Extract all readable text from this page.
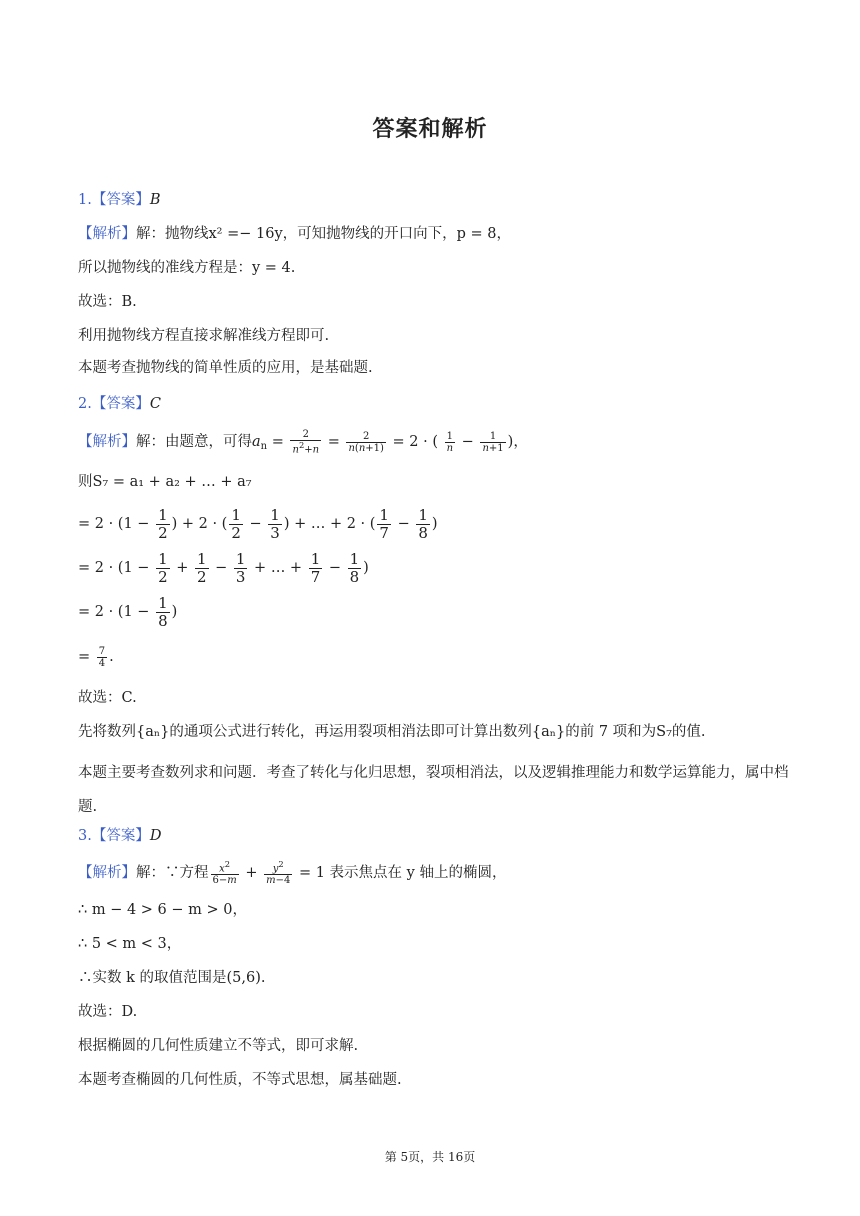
答案和解析
1.【答案】B
【解析】解：抛物线x² =− 16y，可知抛物线的开口向下，p = 8，
所以抛物线的准线方程是：y = 4.
故选：B.
利用抛物线方程直接求解准线方程即可.
本题考查抛物线的简单性质的应用，是基础题.
2.【答案】C
【解析】解：由题意，可得$a_n = \frac{2}{n^2+n} = \frac{2}{n(n+1)} = 2$ · ( $\frac{1}{n} - \frac{1}{n+1}$ )，
则S₇ = a₁ + a₂ + … + a₇
= $2 \cdot (1 - \frac{1}{2}$ ) + 2 · ( $\frac{1}{2} - \frac{1}{3}$ ) + … + 2 · ( $\frac{1}{7} - \frac{1}{8}$ )
= $2 \cdot (1 - \frac{1}{2} + \frac{1}{2} - \frac{1}{3}$ + … + $\frac{1}{7} - \frac{1}{8}$ )
= $2 \cdot (1 - \frac{1}{8}$ )
= $\frac{7}{4}$ .
故选：C.
先将数列{aₙ}的通项公式进行转化，再运用裂项相消法即可计算出数列{aₙ}的前 7 项和为S₇的值.
本题主要考查数列求和问题．考查了转化与化归思想，裂项相消法，以及逻辑推理能力和数学运算能力，属中档题.
3.【答案】D
【解析】解：∵方程 $\frac{x^2}{6-m} + \frac{y^2}{m-4} = 1$ 表示焦点在 y 轴上的椭圆，
∴ m − 4 > 6 − m > 0，
∴ 5 < m < 3，
∴实数 k 的取值范围是(5,6).
故选：D.
根据椭圆的几何性质建立不等式，即可求解.
本题考查椭圆的几何性质，不等式思想，属基础题.
第 5页，共 16页
